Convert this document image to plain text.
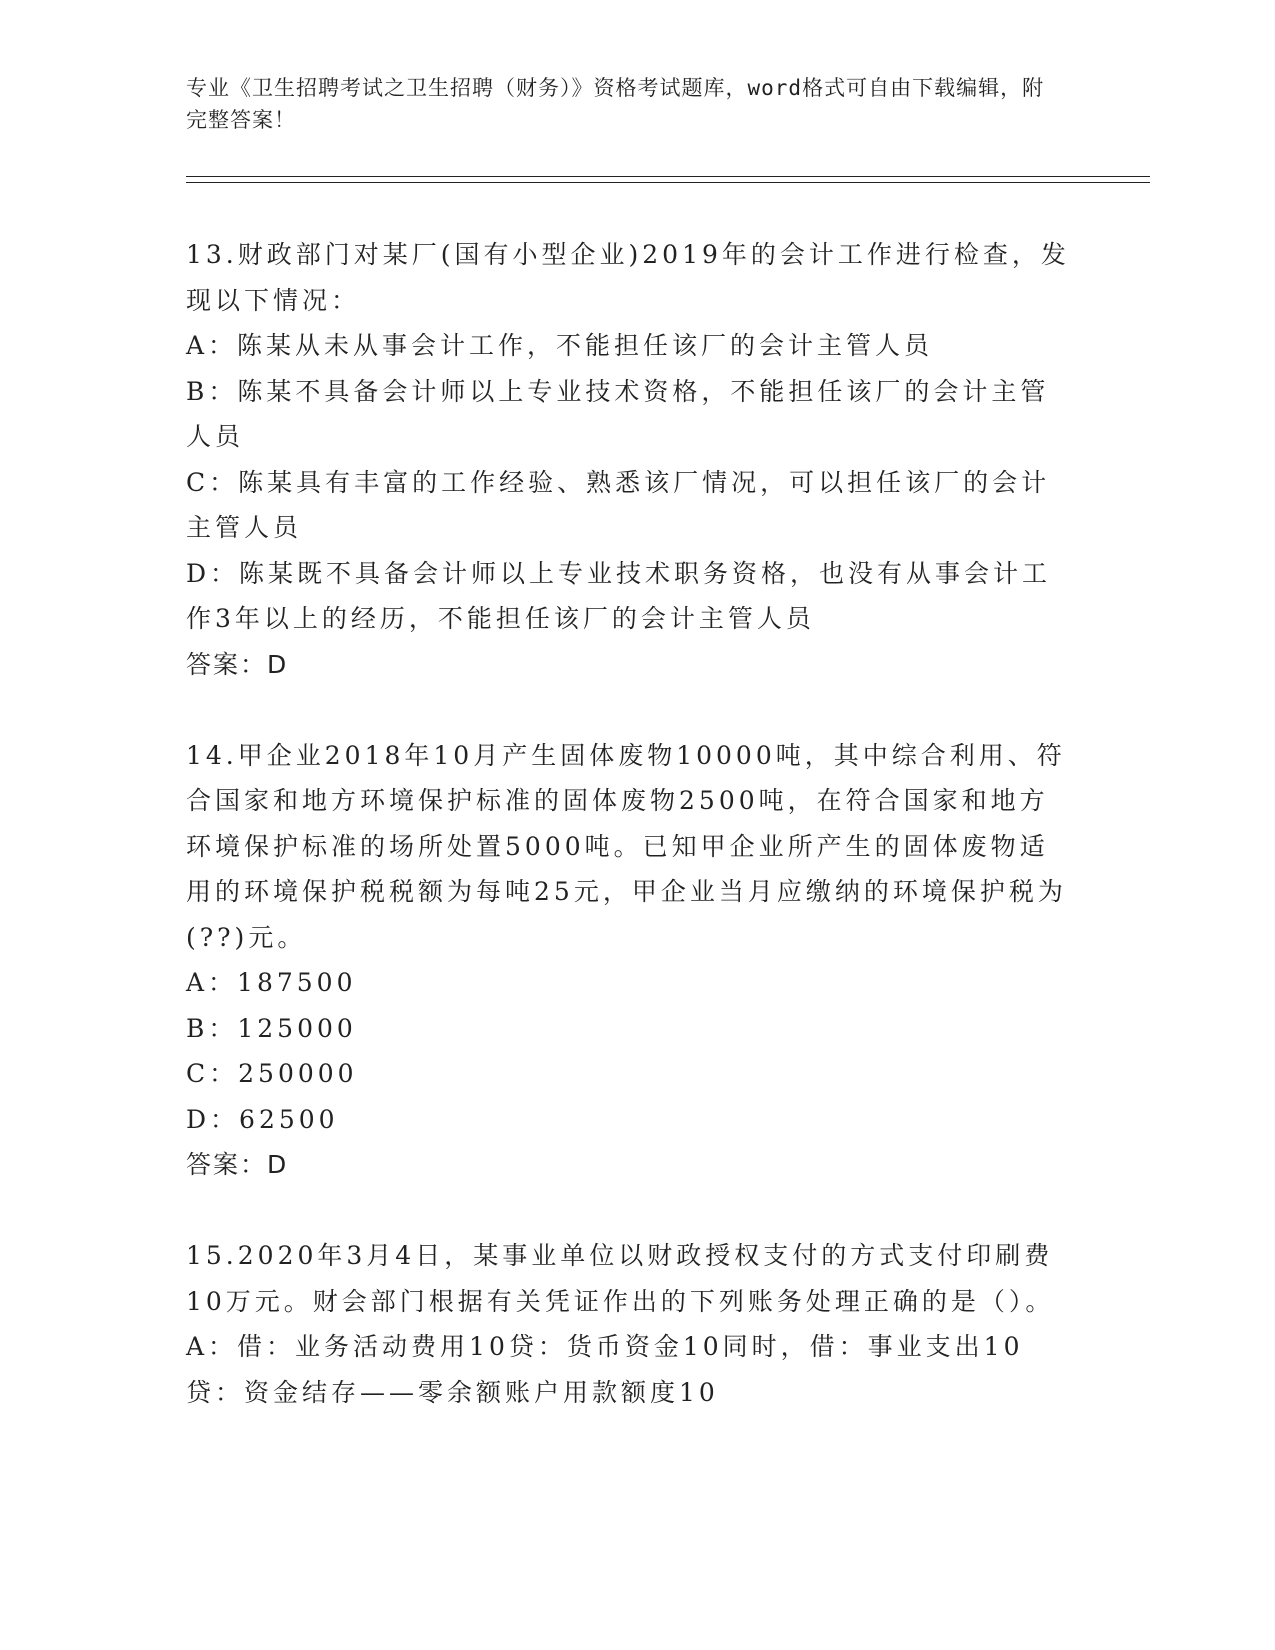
专业《卫生招聘考试之卫生招聘（财务）》资格考试题库，word格式可自由下载编辑，附完整答案！

13.财政部门对某厂(国有小型企业)2019年的会计工作进行检查，发现以下情况：

A：陈某从未从事会计工作，不能担任该厂的会计主管人员

B：陈某不具备会计师以上专业技术资格，不能担任该厂的会计主管人员

C：陈某具有丰富的工作经验、熟悉该厂情况，可以担任该厂的会计主管人员

D：陈某既不具备会计师以上专业技术职务资格，也没有从事会计工作3年以上的经历，不能担任该厂的会计主管人员

答案：D

14.甲企业2018年10月产生固体废物10000吨，其中综合利用、符合国家和地方环境保护标准的固体废物2500吨，在符合国家和地方环境保护标准的场所处置5000吨。已知甲企业所产生的固体废物适用的环境保护税税额为每吨25元，甲企业当月应缴纳的环境保护税为(??)元。

A：187500

B：125000

C：250000

D：62500

答案：D

15.2020年3月4日，某事业单位以财政授权支付的方式支付印刷费10万元。财会部门根据有关凭证作出的下列账务处理正确的是（）。

A：借：业务活动费用10贷：货币资金10同时，借：事业支出10贷：资金结存——零余额账户用款额度10
